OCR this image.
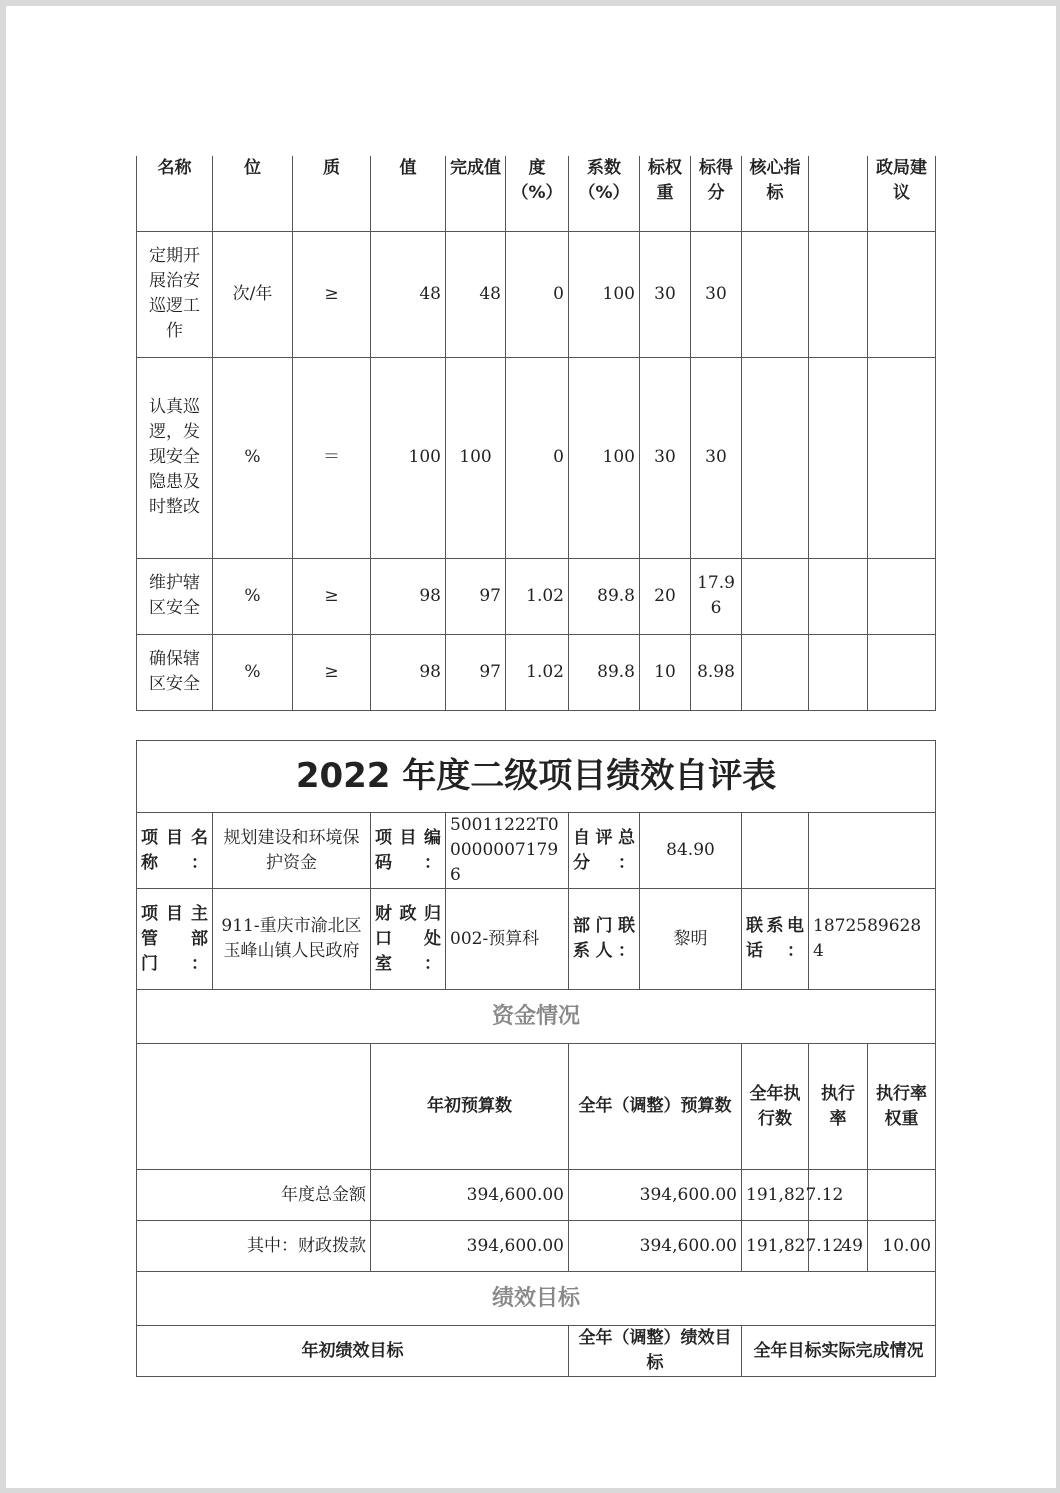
名称	位	质	值	完成值	度（%）	系数（%）	标权重	标得分	核心指标		政局建议
定期开展治安巡逻工作	次/年	≥	48	48	0	100	30	30			
认真巡逻，发现安全隐患及时整改	%	＝	100	100	0	100	30	30			
维护辖区安全	%	≥	98	97	1.02	89.8	20	17.96			
确保辖区安全	%	≥	98	97	1.02	89.8	10	8.98			
2022 年度二级项目绩效自评表									
项目名称：	规划建设和环境保护资金	项目编码：	50011222T000000071796	自评总分：	84.90				
项目主管部门：	911-重庆市渝北区玉峰山镇人民政府	财政归口处室：	002-预算科	部门联系人：	黎明	联系电话：	18725896284		
资金情况									
		年初预算数		全年（调整）预算数		全年执行数	执行率	执行率权重	
年度总金额		394,600.00		394,600.00		191,827.12			
其中：财政拨款		394,600.00		394,600.00		191,827.12	49	10.00	
绩效目标									
年初绩效目标				全年（调整）绩效目标		全年目标实际完成情况			
